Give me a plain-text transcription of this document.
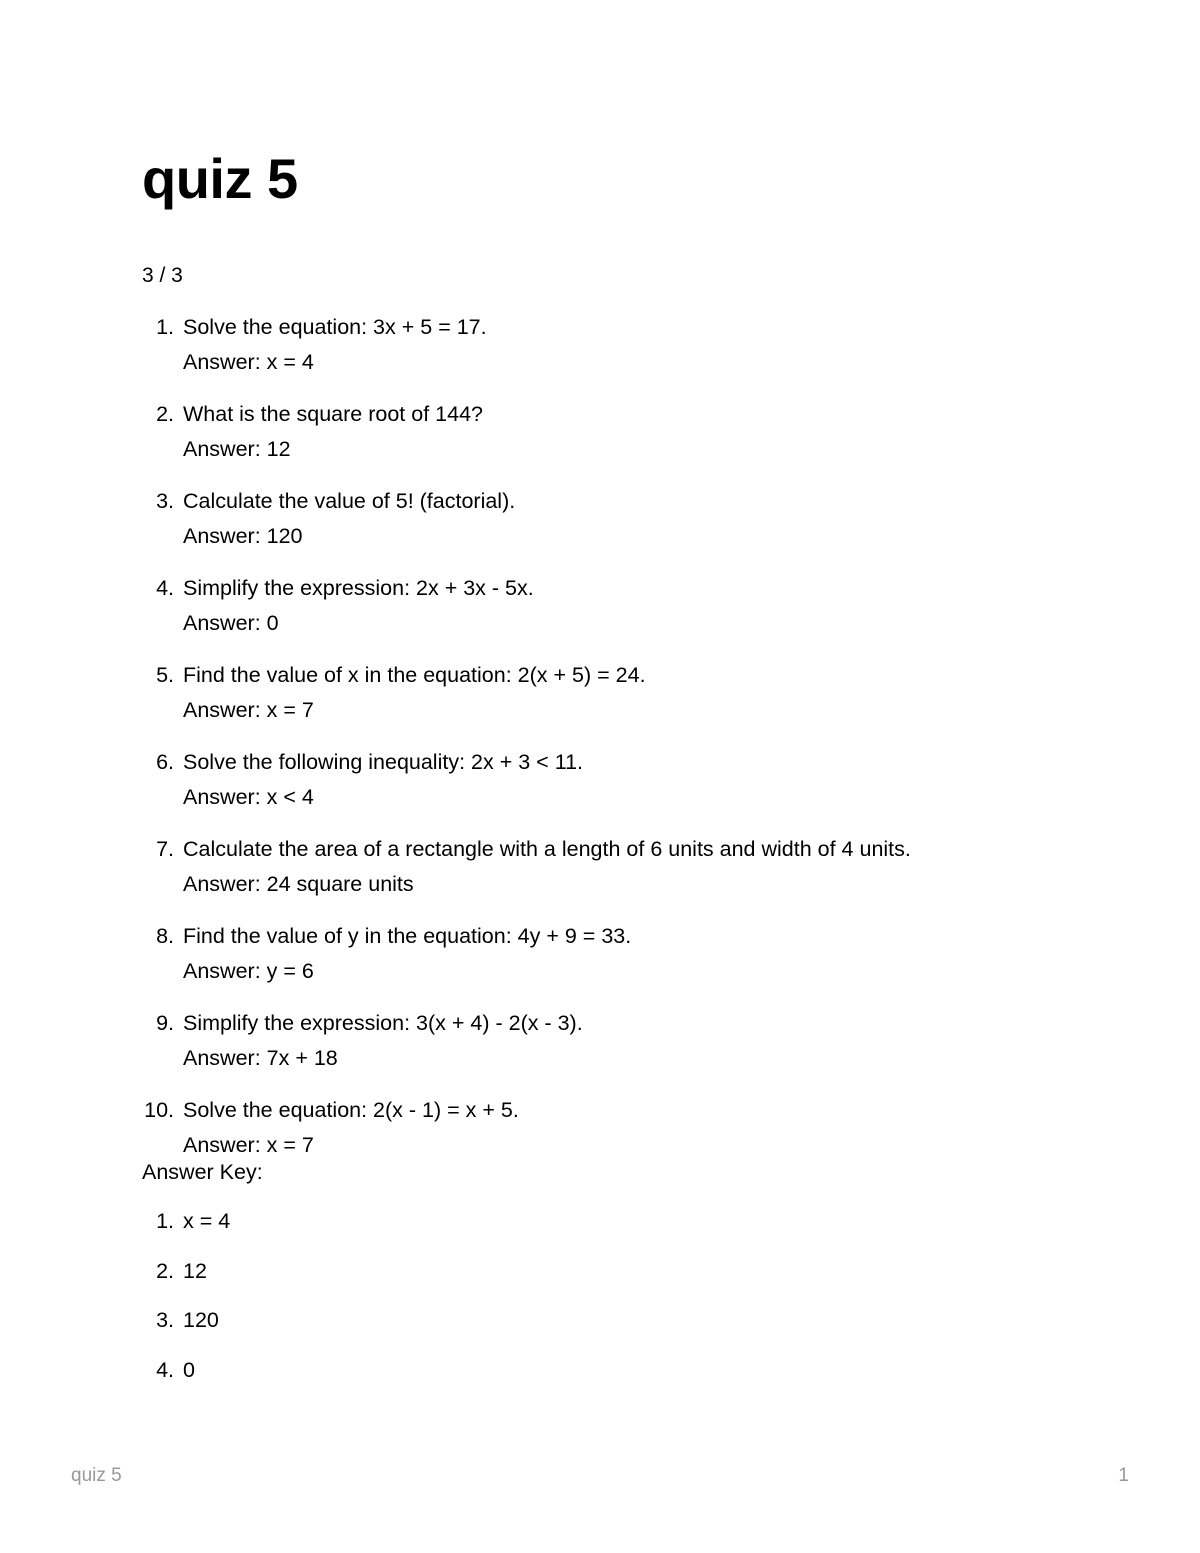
quiz 5
3 / 3
1. Solve the equation: 3x + 5 = 17.
Answer: x = 4
2. What is the square root of 144?
Answer: 12
3. Calculate the value of 5! (factorial).
Answer: 120
4. Simplify the expression: 2x + 3x - 5x.
Answer: 0
5. Find the value of x in the equation: 2(x + 5) = 24.
Answer: x = 7
6. Solve the following inequality: 2x + 3 < 11.
Answer: x < 4
7. Calculate the area of a rectangle with a length of 6 units and width of 4 units.
Answer: 24 square units
8. Find the value of y in the equation: 4y + 9 = 33.
Answer: y = 6
9. Simplify the expression: 3(x + 4) - 2(x - 3).
Answer: 7x + 18
10. Solve the equation: 2(x - 1) = x + 5.
Answer: x = 7
Answer Key:
1. x = 4
2. 12
3. 120
4. 0
quiz 5	1
